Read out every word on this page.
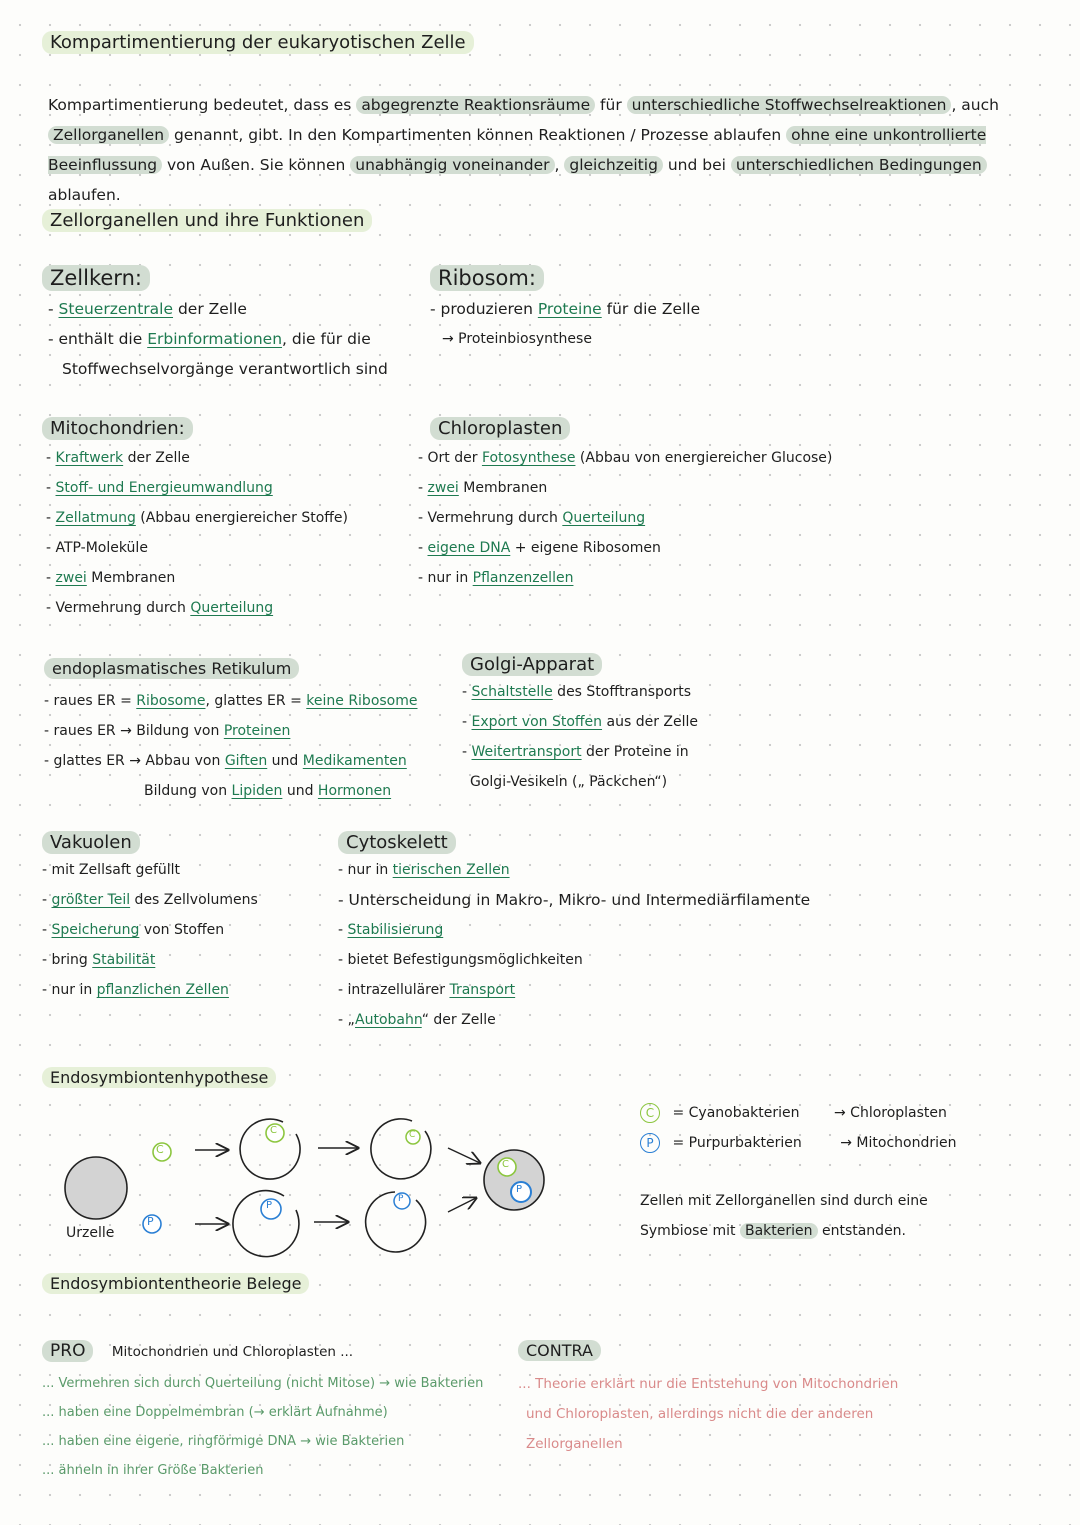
Kompartimentierung der eukaryotischen Zelle
Kompartimentierung bedeutet, dass es abgegrenzte Reaktionsräume für unterschiedliche Stoffwechselreaktionen , auch Zellorganellen genannt, gibt. In den Kompartimenten können Reaktionen / Prozesse ablaufen ohne eine unkontrollierte Beeinflussung von Außen. Sie können unabhängig voneinander , gleichzeitig und bei unterschiedlichen Bedingungen ablaufen.
Zellorganellen und ihre Funktionen
Zellkern:
- Steuerzentrale der Zelle
- enthält die Erbinformationen, die für die
Stoffwechselvorgänge verantwortlich sind
Ribosom:
- produzieren Proteine für die Zelle
→ Proteinbiosynthese
Mitochondrien:
- Kraftwerk der Zelle
- Stoff- und Energieumwandlung
- Zellatmung (Abbau energiereicher Stoffe)
- ATP-Moleküle
- zwei Membranen
- Vermehrung durch Querteilung
Chloroplasten
- Ort der Fotosynthese (Abbau von energiereicher Glucose)
- zwei Membranen
- Vermehrung durch Querteilung
- eigene DNA + eigene Ribosomen
- nur in Pflanzenzellen
endoplasmatisches Retikulum
- raues ER = Ribosome, glattes ER = keine Ribosome
- raues ER → Bildung von Proteinen
- glattes ER → Abbau von Giften und Medikamenten
Bildung von Lipiden und Hormonen
Golgi-Apparat
- Schaltstelle des Stofftransports
- Export von Stoffen aus der Zelle
- Weitertransport der Proteine in
Golgi-Vesikeln („ Päckchen“)
Vakuolen
- mit Zellsaft gefüllt
- größter Teil des Zellvolumens
- Speicherung von Stoffen
- bring Stabilität
- nur in pflanzlichen Zellen
Cytoskelett
- nur in tierischen Zellen
- Unterscheidung in Makro-, Mikro- und Intermediärfilamente
- Stabilisierung
- bietet Befestigungsmöglichkeiten
- intrazellulärer Transport
- „Autobahn“ der Zelle
Endosymbiontenhypothese
C
P
C	C
P
P
C
P
Urzelle
C = Cyanobakterien → Chloroplasten
P = Purpurbakterien	→ Mitochondrien
Zellen mit Zellorganellen sind durch eine
Symbiose mit Bakterien entstanden.
Endosymbiontentheorie Belege
PRO Mitochondrien und Chloroplasten ...
... Vermehren sich durch Querteilung (nicht Mitose) → wie Bakterien
... haben eine Doppelmembran (→ erklärt Aufnahme)
... haben eine eigene, ringförmige DNA → wie Bakterien
... ähneln in ihrer Größe Bakterien
CONTRA
... Theorie erklärt nur die Entstehung von Mitochondrien
und Chloroplasten, allerdings nicht die der anderen
Zellorganellen
